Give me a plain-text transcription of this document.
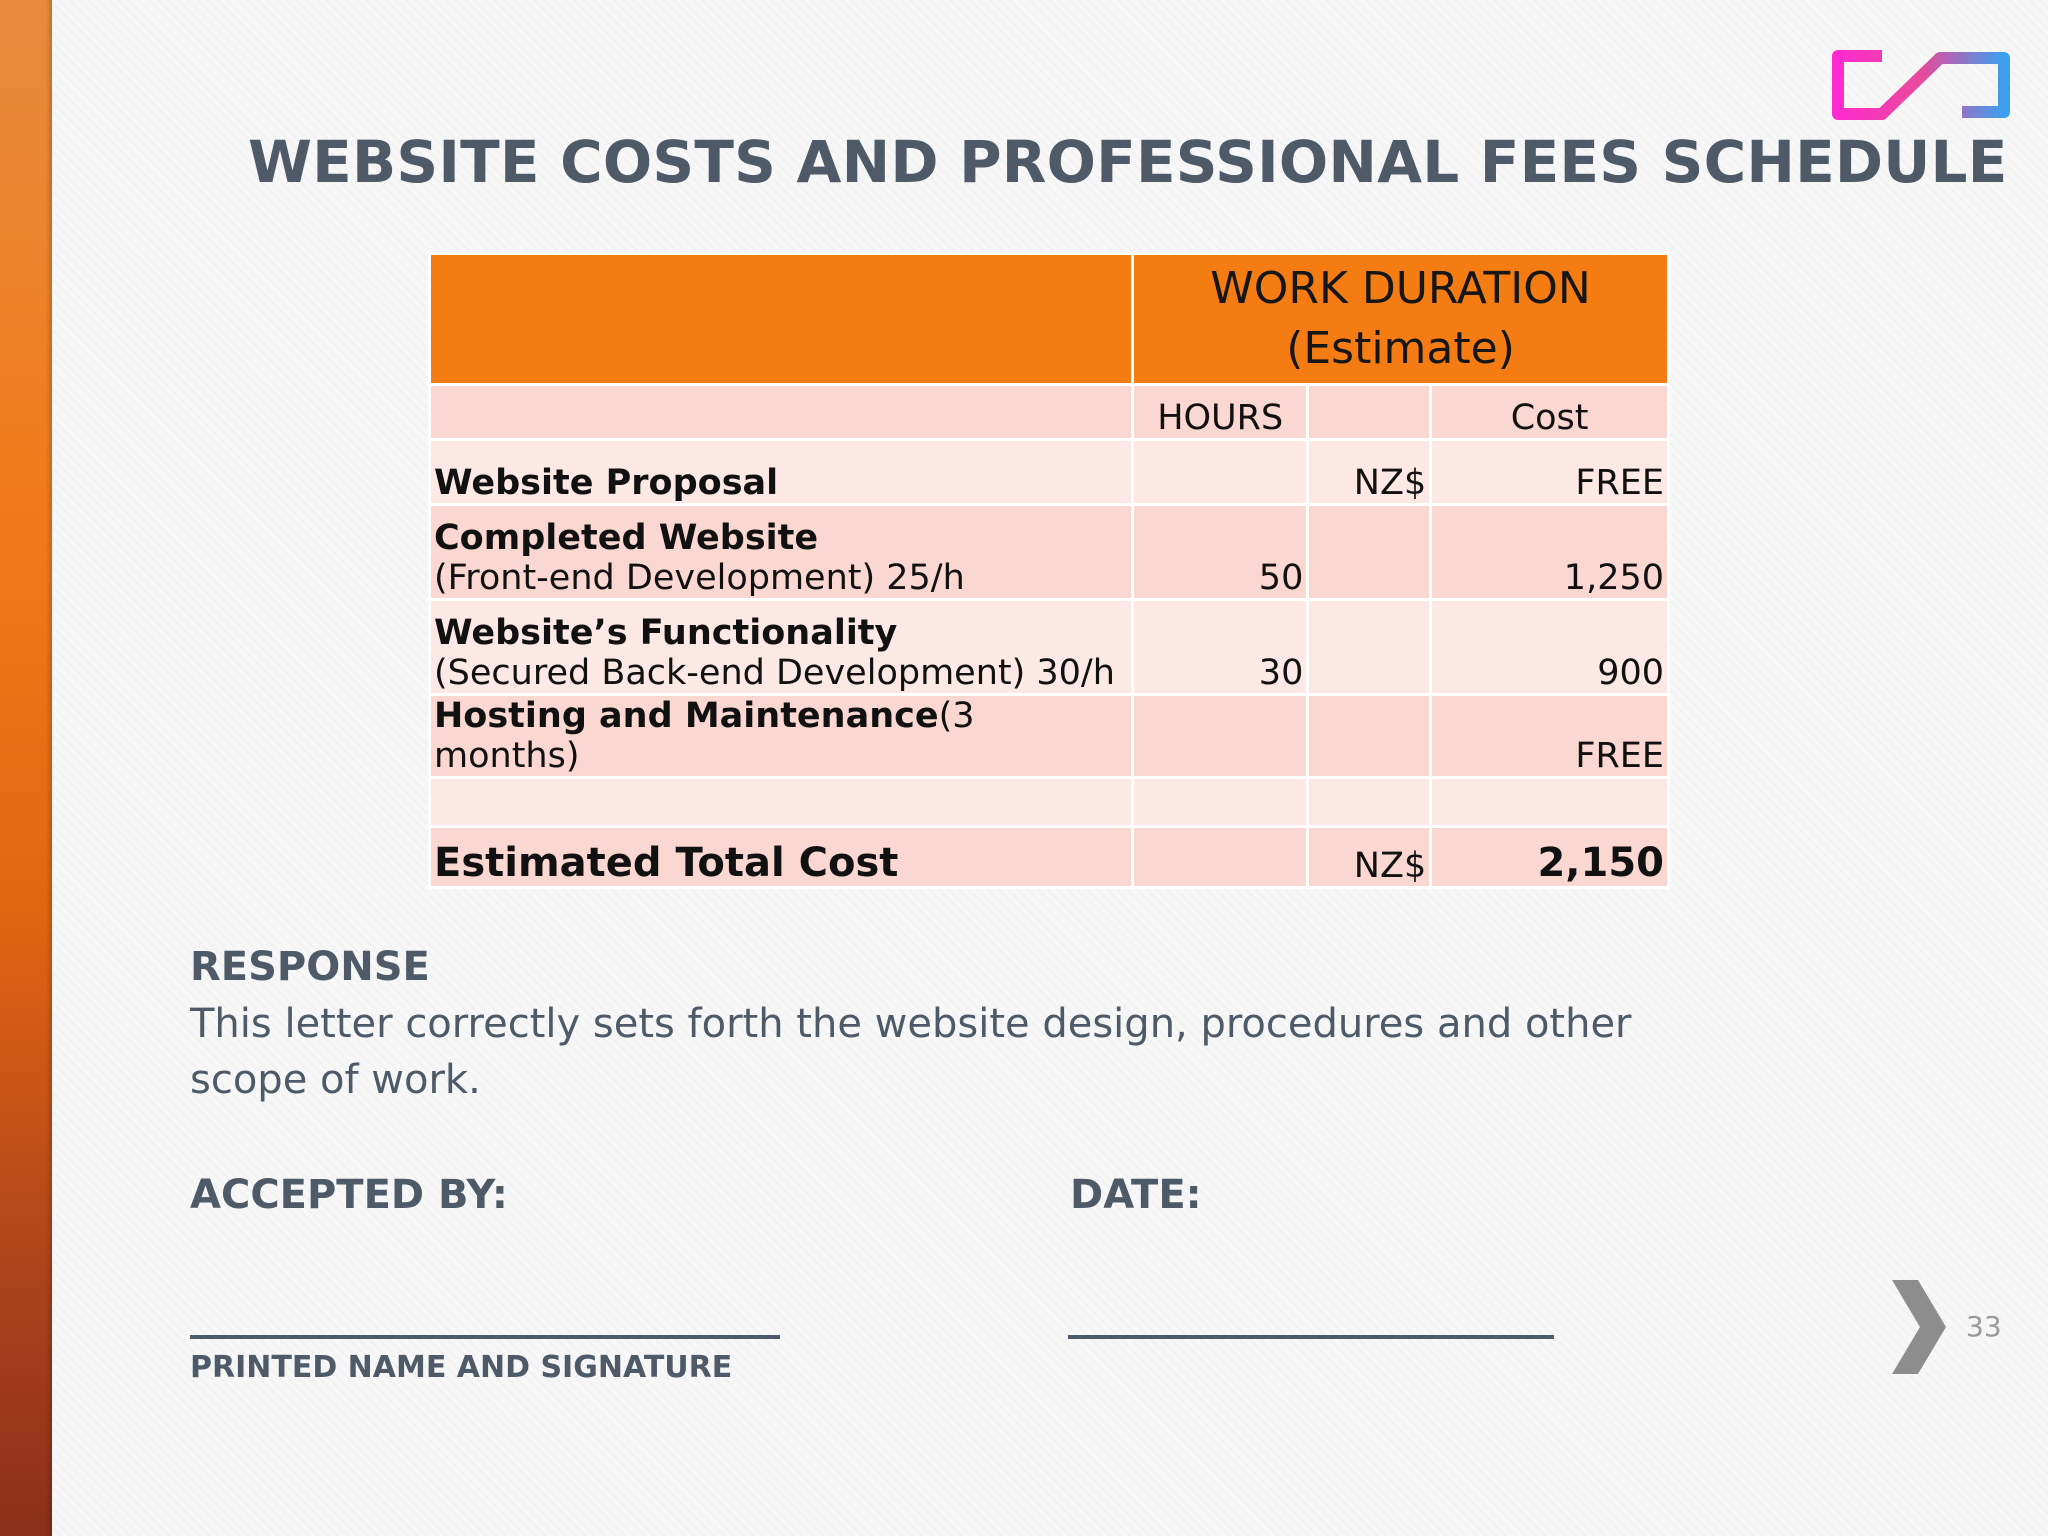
WEBSITE COSTS AND PROFESSIONAL FEES SCHEDULE

	WORK DURATION
(Estimate)		

	HOURS		Cost
Website Proposal		NZ$	FREE

Completed Website
(Front-end Development) 25/h	50		1,250

Website’s Functionality
(Secured Back-end Development) 30/h	30		900
Hosting and Maintenance(3 months)			FREE

Estimated Total Cost		NZ$	2,150
RESPONSE
This letter correctly sets forth the website design, procedures and other scope of work.
ACCEPTED BY:	DATE:
PRINTED NAME AND SIGNATURE
33
